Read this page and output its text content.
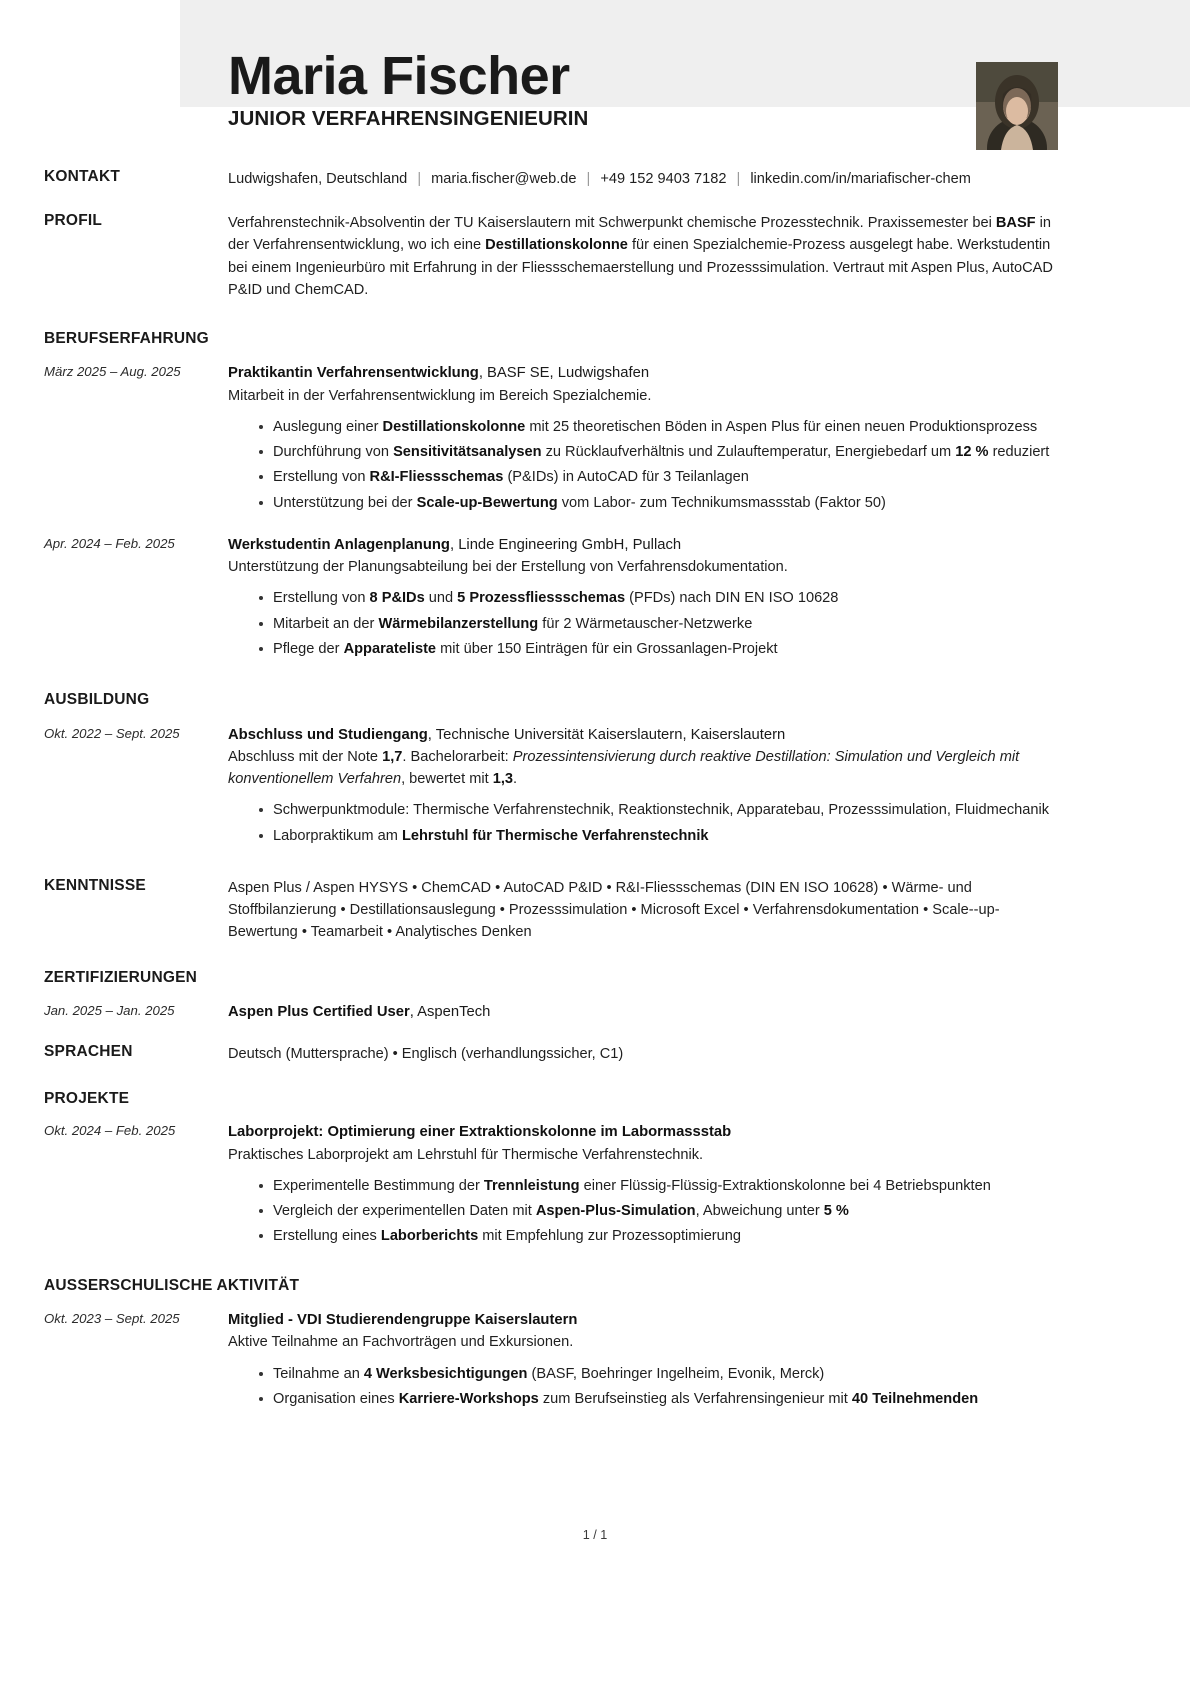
Maria Fischer
JUNIOR VERFAHRENSINGENIEURIN
KONTAKT	Ludwigshafen, Deutschland | maria.fischer@web.de | +49 152 9403 7182 | linkedin.com/in/mariafischer-chem
PROFIL	Verfahrenstechnik-Absolventin der TU Kaiserslautern mit Schwerpunkt chemische Prozesstechnik. Praxissemester bei BASF in der Verfahrensentwicklung, wo ich eine Destillationskolonne für einen Spezialchemie-Prozess ausgelegt habe. Werkstudentin bei einem Ingenieurbüro mit Erfahrung in der Fliessschemaerstellung und Prozesssimulation. Vertraut mit Aspen Plus, AutoCAD P&ID und ChemCAD.
BERUFSERFAHRUNG
März 2025 – Aug. 2025	Praktikantin Verfahrensentwicklung, BASF SE, Ludwigshafen
Mitarbeit in der Verfahrensentwicklung im Bereich Spezialchemie.
Auslegung einer Destillationskolonne mit 25 theoretischen Böden in Aspen Plus für einen neuen Produktionsprozess
Durchführung von Sensitivitätsanalysen zu Rücklaufverhältnis und Zulauftemperatur, Energiebedarf um 12 % reduziert
Erstellung von R&I-Fliessschemas (P&IDs) in AutoCAD für 3 Teilanlagen
Unterstützung bei der Scale-up-Bewertung vom Labor- zum Technikumsmassstab (Faktor 50)
Apr. 2024 – Feb. 2025	Werkstudentin Anlagenplanung, Linde Engineering GmbH, Pullach
Unterstützung der Planungsabteilung bei der Erstellung von Verfahrensdokumentation.
Erstellung von 8 P&IDs und 5 Prozessfliessschemas (PFDs) nach DIN EN ISO 10628
Mitarbeit an der Wärmebilanzerstellung für 2 Wärmetauscher-Netzwerke
Pflege der Apparateliste mit über 150 Einträgen für ein Grossanlagen-Projekt
AUSBILDUNG
Okt. 2022 – Sept. 2025	Abschluss und Studiengang, Technische Universität Kaiserslautern, Kaiserslautern
Abschluss mit der Note 1,7. Bachelorarbeit: Prozessintensivierung durch reaktive Destillation: Simulation und Vergleich mit konventionellem Verfahren, bewertet mit 1,3.
Schwerpunktmodule: Thermische Verfahrenstechnik, Reaktionstechnik, Apparatebau, Prozesssimulation, Fluidmechanik
Laborpraktikum am Lehrstuhl für Thermische Verfahrenstechnik
KENNTNISSE	Aspen Plus / Aspen HYSYS • ChemCAD • AutoCAD P&ID • R&I-Fliessschemas (DIN EN ISO 10628) • Wärme- und Stoffbilanzierung • Destillationsauslegung • Prozesssimulation • Microsoft Excel • Verfahrensdokumentation • Scale--up-Bewertung • Teamarbeit • Analytisches Denken
ZERTIFIZIERUNGEN
Jan. 2025 – Jan. 2025	Aspen Plus Certified User, AspenTech
SPRACHEN	Deutsch (Muttersprache) • Englisch (verhandlungssicher, C1)
PROJEKTE
Okt. 2024 – Feb. 2025	Laborprojekt: Optimierung einer Extraktionskolonne im Labormassstab
Praktisches Laborprojekt am Lehrstuhl für Thermische Verfahrenstechnik.
Experimentelle Bestimmung der Trennleistung einer Flüssig-Flüssig-Extraktionskolonne bei 4 Betriebspunkten
Vergleich der experimentellen Daten mit Aspen-Plus-Simulation, Abweichung unter 5 %
Erstellung eines Laborberichts mit Empfehlung zur Prozessoptimierung
AUSSERSCHULISCHE AKTIVITÄT
Okt. 2023 – Sept. 2025	Mitglied - VDI Studierendengruppe Kaiserslautern
Aktive Teilnahme an Fachvorträgen und Exkursionen.
Teilnahme an 4 Werksbesichtigungen (BASF, Boehringer Ingelheim, Evonik, Merck)
Organisation eines Karriere-Workshops zum Berufseinstieg als Verfahrensingenieur mit 40 Teilnehmenden
1 / 1
